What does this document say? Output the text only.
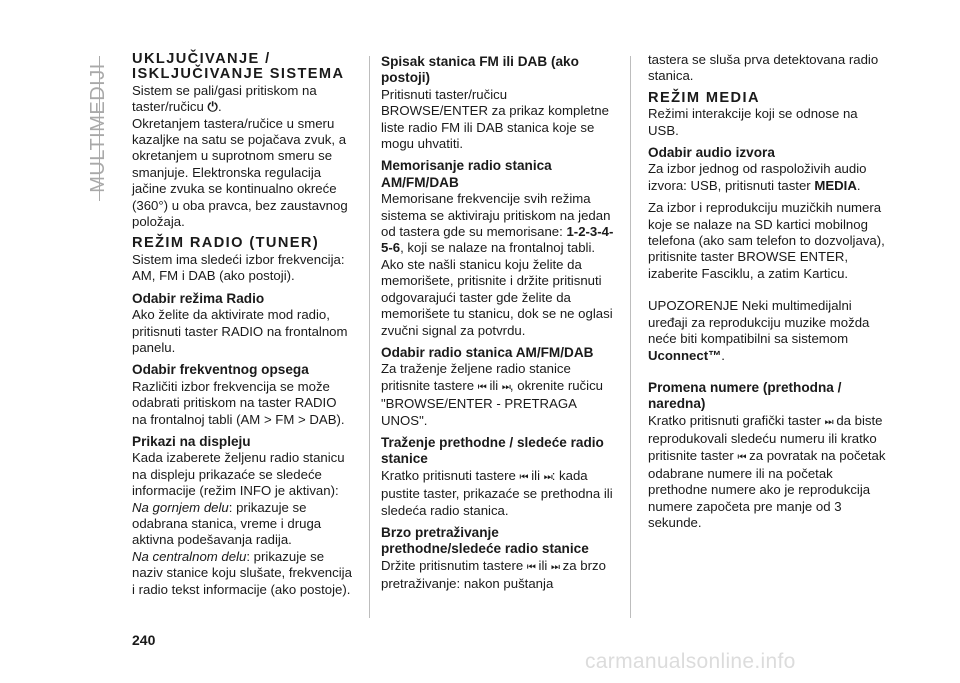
MULTIMEDIJI
UKLJUČIVANJE / ISKLJUČIVANJE SISTEMA

Sistem se pali/gasi pritiskom na taster/ručicu ⏻.

Okretanjem tastera/ručice u smeru kazaljke na satu se pojačava zvuk, a okretanjem u suprotnom smeru se smanjuje. Elektronska regulacija jačine zvuka se kontinualno okreće (360°) u oba pravca, bez zaustavnog položaja.

REŽIM RADIO (TUNER)

Sistem ima sledeći izbor frekvencija: AM, FM i DAB (ako postoji).

Odabir režima Radio

Ako želite da aktivirate mod radio, pritisnuti taster RADIO na frontalnom panelu.

Odabir frekventnog opsega

Različiti izbor frekvencija se može odabrati pritiskom na taster RADIO na frontalnoj tabli (AM > FM > DAB).

Prikazi na displeju

Kada izaberete željenu radio stanicu na displeju prikazaće se sledeće informacije (režim INFO je aktivan):

Na gornjem delu: prikazuje se odabrana stanica, vreme i druga aktivna podešavanja radija.

Na centralnom delu: prikazuje se naziv stanice koju slušate, frekvencija i radio tekst informacije (ako postoje).

Spisak stanica FM ili DAB (ako postoji)

Pritisnuti taster/ručicu BROWSE/ENTER za prikaz kompletne liste radio FM ili DAB stanica koje se mogu uhvatiti.

Memorisanje radio stanica AM/FM/DAB

Memorisane frekvencije svih režima sistema se aktiviraju pritiskom na jedan od tastera gde su memorisane: 1-2-3-4-5-6, koji se nalaze na frontalnoj tabli. Ako ste našli stanicu koju želite da memorišete, pritisnite i držite pritisnuti odgovarajući taster gde želite da memorišete tu stanicu, dok se ne oglasi zvučni signal za potvrdu.

Odabir radio stanica AM/FM/DAB

Za traženje željene radio stanice pritisnite tastere ⏮ ili ⏭, okrenite ručicu "BROWSE/ENTER - PRETRAGA UNOS".

Traženje prethodne / sledeće radio stanice

Kratko pritisnuti tastere ⏮ ili ⏭: kada pustite taster, prikazaće se prethodna ili sledeća radio stanica.

Brzo pretraživanje prethodne/sledeće radio stanice

Držite pritisnutim tastere ⏮ ili ⏭ za brzo pretraživanje: nakon puštanja

tastera se sluša prva detektovana radio stanica.

REŽIM MEDIA

Režimi interakcije koji se odnose na USB.

Odabir audio izvora

Za izbor jednog od raspoloživih audio izvora: USB, pritisnuti taster MEDIA.

Za izbor i reprodukciju muzičkih numera koje se nalaze na SD kartici mobilnog telefona (ako sam telefon to dozvoljava), pritisnite taster BROWSE ENTER, izaberite Fasciklu, a zatim Karticu.

UPOZORENJE Neki multimedijalni uređaji za reprodukciju muzike možda neće biti kompatibilni sa sistemom Uconnect™.

Promena numere (prethodna / naredna)

Kratko pritisnuti grafički taster ⏭ da biste reprodukovali sledeću numeru ili kratko pritisnite taster ⏮ za povratak na početak odabrane numere ili na početak prethodne numere ako je reprodukcija numere započeta pre manje od 3 sekunde.

240
carmanualsonline.info
